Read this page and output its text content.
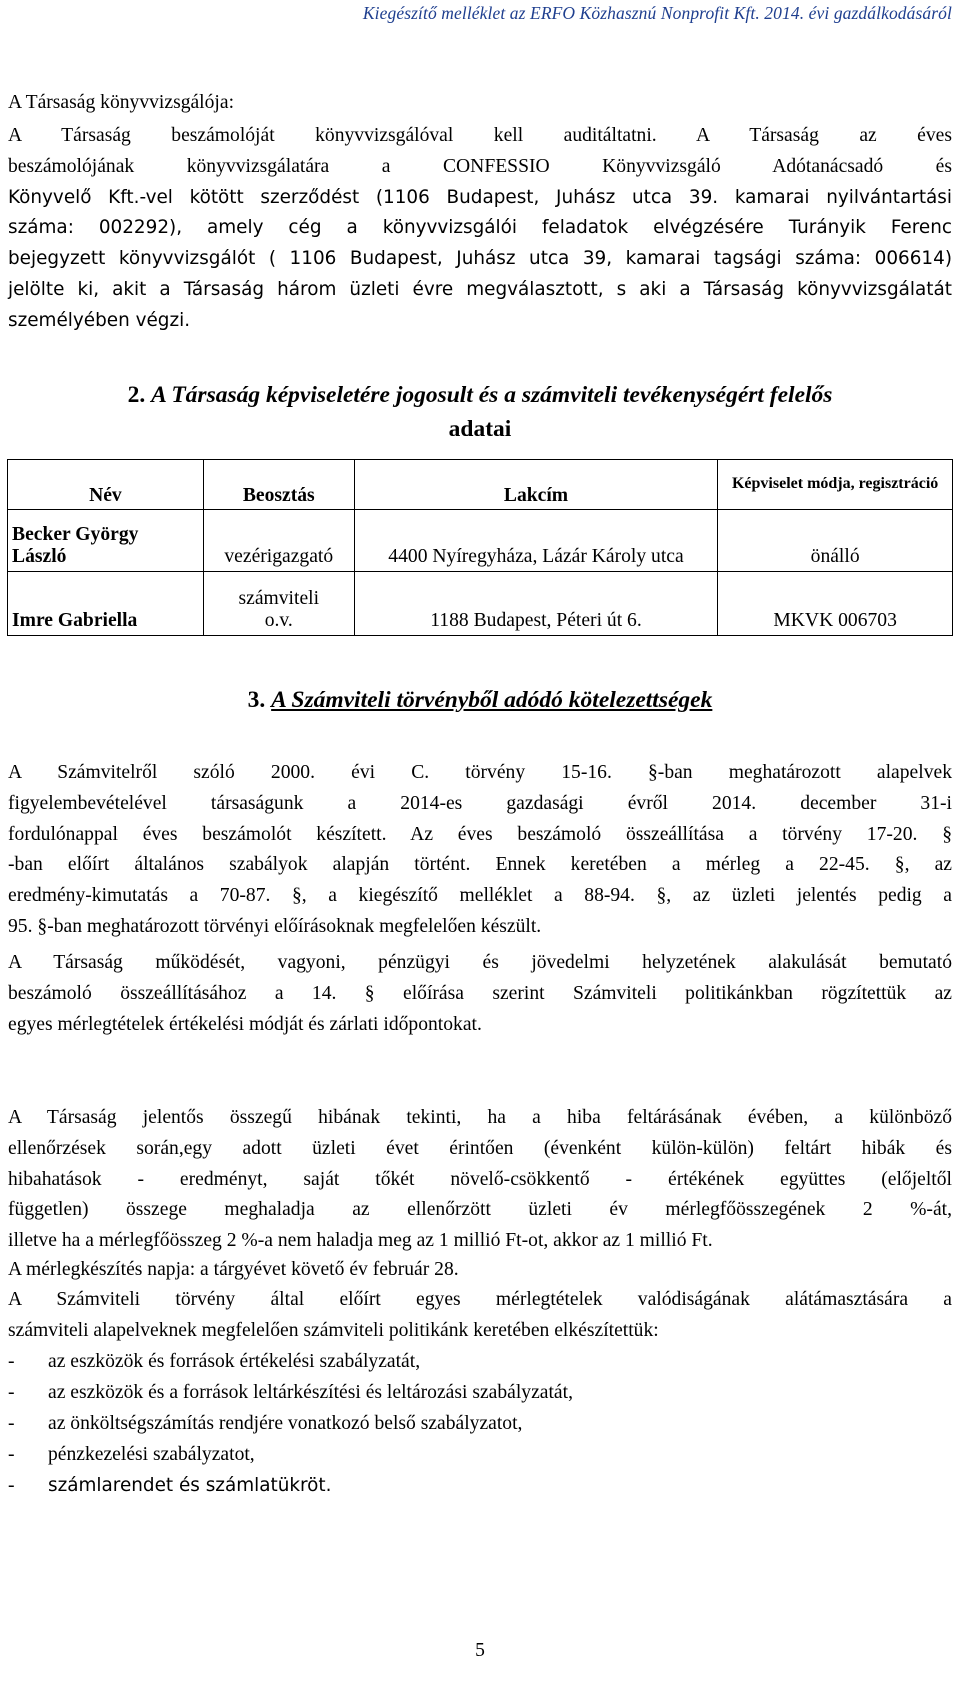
Kiegészítő melléklet az ERFO Közhasznú Nonprofit Kft. 2014. évi gazdálkodásáról
A Társaság könyvvizsgálója:
A Társaság beszámolóját könyvvizsgálóval kell auditáltatni. A Társaság az éves
beszámolójának könyvvizsgálatára a CONFESSIO Könyvvizsgáló Adótanácsadó és
Könyvelő Kft.-vel kötött szerződést (1106 Budapest, Juhász utca 39. kamarai nyilvántartási
száma: 002292), amely cég a könyvvizsgálói feladatok elvégzésére Turányik Ferenc
bejegyzett könyvvizsgálót ( 1106 Budapest, Juhász utca 39, kamarai tagsági száma: 006614)
jelölte ki, akit a Társaság három üzleti évre megválasztott, s aki a Társaság könyvvizsgálatát
személyében végzi.
2. A Társaság képviseletére jogosult és a számviteli tevékenységért felelős
adatai
Név	Beosztás	Lakcím	Képviselet módja, regisztráció
Becker György
László	vezérigazgató	4400 Nyíregyháza, Lázár Károly utca	önálló
Imre Gabriella	számviteli
o.v.	1188 Budapest, Péteri út 6.	MKVK 006703
3. A Számviteli törvényből adódó kötelezettségek
A Számvitelről szóló 2000. évi C. törvény 15-16. §-ban meghatározott alapelvek
figyelembevételével társaságunk a 2014-es gazdasági évről 2014. december 31-i
fordulónappal éves beszámolót készített. Az éves beszámoló összeállítása a törvény 17-20. §
-ban előírt általános szabályok alapján történt. Ennek keretében a mérleg a 22-45. §, az
eredmény-kimutatás a 70-87. §, a kiegészítő melléklet a 88-94. §, az üzleti jelentés pedig a
95. §-ban meghatározott törvényi előírásoknak megfelelően készült.
A Társaság működését, vagyoni, pénzügyi és jövedelmi helyzetének alakulását bemutató
beszámoló összeállításához a 14. § előírása szerint Számviteli politikánkban rögzítettük az
egyes mérlegtételek értékelési módját és zárlati időpontokat.
A Társaság jelentős összegű hibának tekinti, ha a hiba feltárásának évében, a különböző
ellenőrzések során,egy adott üzleti évet érintően (évenként külön-külön) feltárt hibák és
hibahatások - eredményt, saját tőkét növelő-csökkentő - értékének együttes (előjeltől
független) összege meghaladja az ellenőrzött üzleti év mérlegfőösszegének 2 %-át,
illetve ha a mérlegfőösszeg 2 %-a nem haladja meg az 1 millió Ft-ot, akkor az 1 millió Ft.
A mérlegkészítés napja: a tárgyévet követő év február 28.
A Számviteli törvény által előírt egyes mérlegtételek valódiságának alátámasztására a
számviteli alapelveknek megfelelően számviteli politikánk keretében elkészítettük:
- az eszközök és források értékelési szabályzatát,
- az eszközök és a források leltárkészítési és leltározási szabályzatát,
- az önköltségszámítás rendjére vonatkozó belső szabályzatot,
- pénzkezelési szabályzatot,
- számlarendet és számlatükröt.
5
